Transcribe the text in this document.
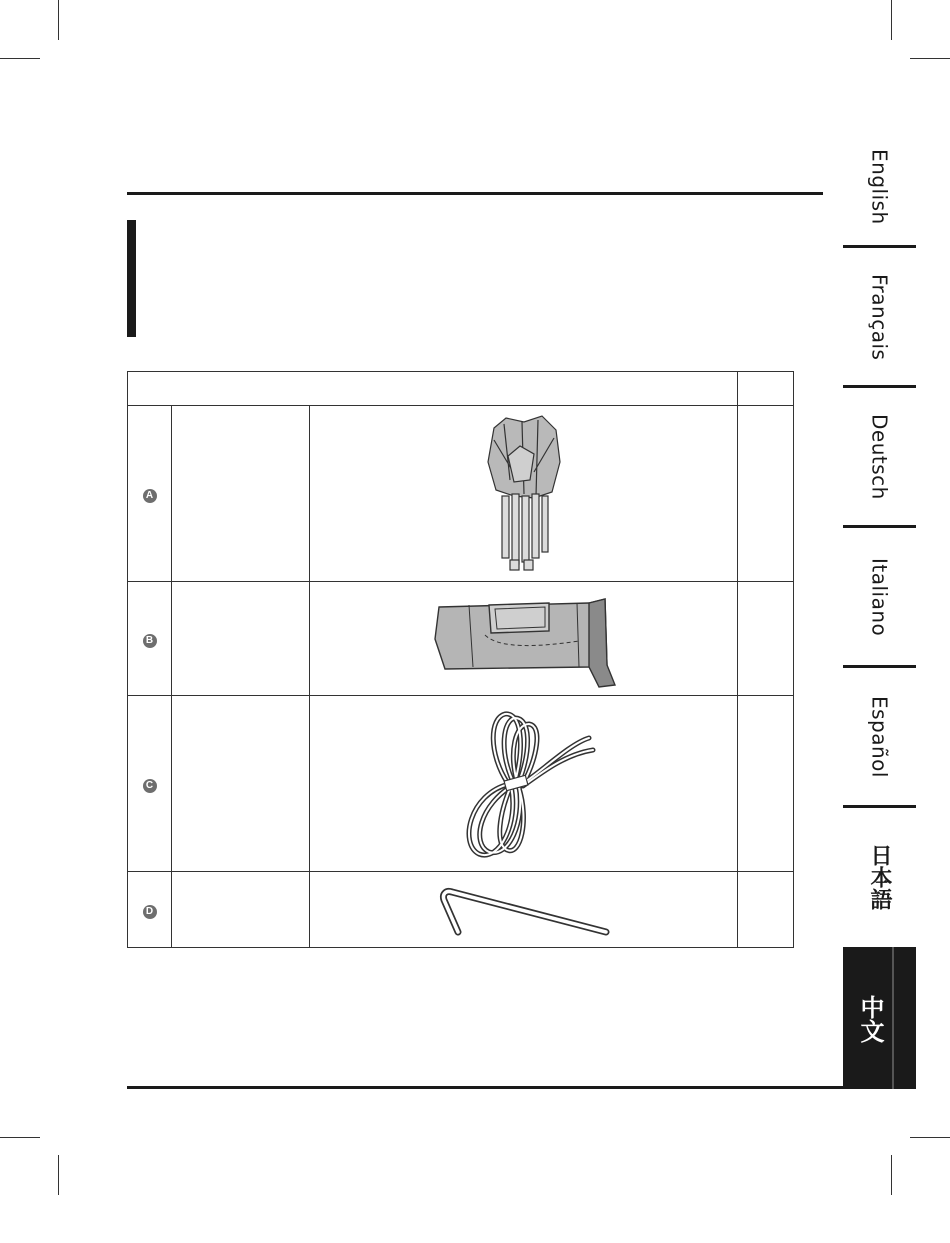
A		

B		

C		

D		

English
Français
Deutsch
Italiano
Español
日本語
中文
